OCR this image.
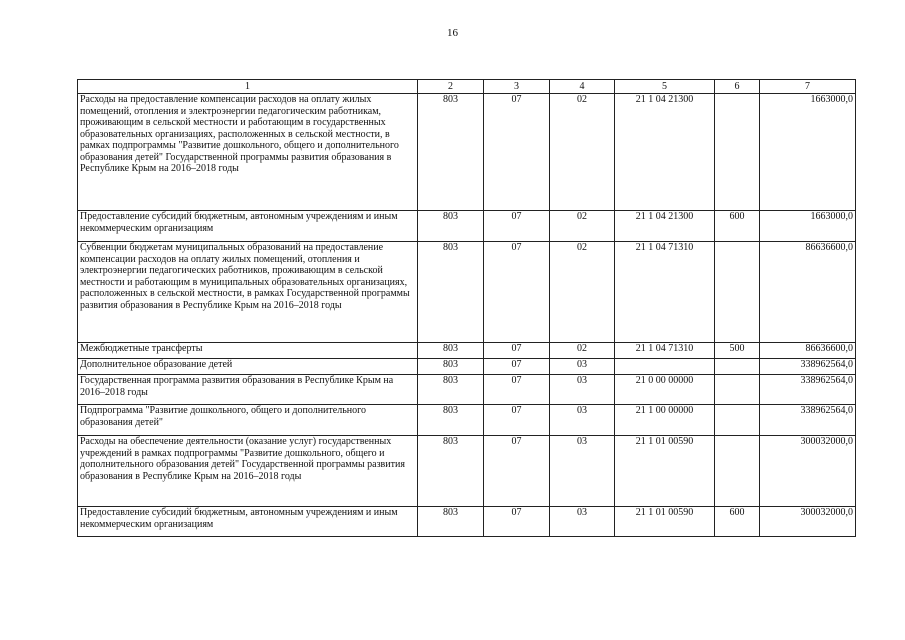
16
1	2	3	4	5	6	7
Расходы на предоставление компенсации расходов на оплату жилых помещений, отопления и электроэнергии педагогическим работникам, проживающим в сельской местности и работающим в государственных образовательных организациях, расположенных в сельской местности, в рамках подпрограммы "Развитие дошкольного, общего и дополнительного образования детей" Государственной программы развития образования в Республике Крым на 2016–2018 годы	803	07	02	21 1 04 21300		1663000,0
Предоставление субсидий бюджетным, автономным учреждениям и иным некоммерческим организациям	803	07	02	21 1 04 21300	600	1663000,0
Субвенции бюджетам муниципальных образований на предоставление компенсации расходов на оплату жилых помещений, отопления и электроэнергии педагогических работников, проживающим в сельской местности и работающим в муниципальных образовательных организациях, расположенных в сельской местности, в рамках Государственной программы развития образования в Республике Крым на 2016–2018 годы	803	07	02	21 1 04 71310		86636600,0
Межбюджетные трансферты	803	07	02	21 1 04 71310	500	86636600,0
Дополнительное образование детей	803	07	03			338962564,0
Государственная программа развития образования в Республике Крым на 2016–2018 годы	803	07	03	21 0 00 00000		338962564,0
Подпрограмма "Развитие дошкольного, общего и дополнительного образования детей"	803	07	03	21 1 00 00000		338962564,0
Расходы на обеспечение деятельности (оказание услуг) государственных учреждений в рамках подпрограммы "Развитие дошкольного, общего и дополнительного образования детей" Государственной программы развития образования в Республике Крым на 2016–2018 годы	803	07	03	21 1 01 00590		300032000,0
Предоставление субсидий бюджетным, автономным учреждениям и иным некоммерческим организациям	803	07	03	21 1 01 00590	600	300032000,0
